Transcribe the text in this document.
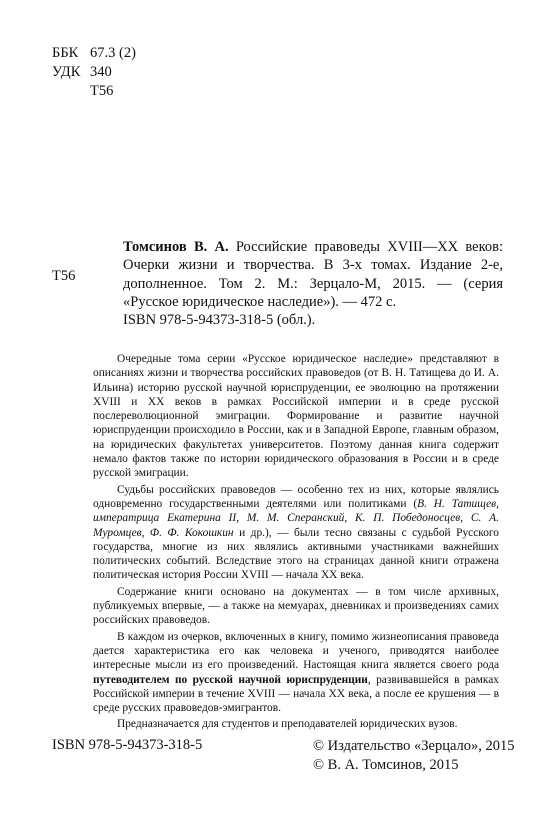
ББК 67.3 (2)
УДК 340
Т56
Т56
Томсинов В. А. Российские правоведы XVIII—XX веков: Очерки жизни и творчества. В 3-х томах. Издание 2-е, дополненное. Том 2. М.: Зерцало-М, 2015. — (серия «Русское юридическое наследие»). — 472 с.
ISBN 978-5-94373-318-5 (обл.).

Очередные тома серии «Русское юридическое наследие» представляют в описаниях жизни и творчества российских правоведов (от В. Н. Татищева до И. А. Ильина) историю русской научной юриспруденции, ее эволюцию на протяжении XVIII и XX веков в рамках Российской империи и в среде русской послереволюционной эмиграции. Формирование и развитие научной юриспруденции происходило в России, как и в Западной Европе, главным образом, на юридических факультетах университетов. Поэтому данная книга содержит немало фактов также по истории юридического образования в России и в среде русской эмиграции.

Судьбы российских правоведов — особенно тех из них, которые являлись одновременно государственными деятелями или политиками (В. Н. Татищев, императрица Екатерина II, М. М. Сперанский, К. П. Победоносцев, С. А. Муромцев, Ф. Ф. Кокошкин и др.), — были тесно связаны с судьбой Русского государства, многие из них являлись активными участниками важнейших политических событий. Вследствие этого на страницах данной книги отражена политическая история России XVIII — начала XX века.

Содержание книги основано на документах — в том числе архивных, публикуемых впервые, — а также на мемуарах, дневниках и произведениях самих российских правоведов.

В каждом из очерков, включенных в книгу, помимо жизнеописания правоведа дается характеристика его как человека и ученого, приводятся наиболее интересные мысли из его произведений. Настоящая книга является своего рода путеводителем по русской научной юриспруденции, развивавшейся в рамках Российской империи в течение XVIII — начала XX века, а после ее крушения — в среде русских правоведов-эмигрантов.

Предназначается для студентов и преподавателей юридических вузов.

ISBN 978-5-94373-318-5	© Издательство «Зерцало», 2015
© В. А. Томсинов, 2015
